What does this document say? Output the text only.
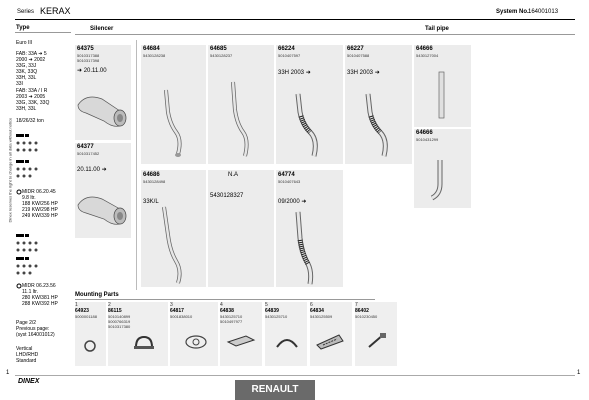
Dinex reserves the right to change in all data without notice
Series KERAX	System No.:
164001013
Type
Euro III
FAB: 33A ➜ 5
2000 ➜ 2002
33G, 33J
33K, 33Q
33H, 33L
33I
FAB: 33A / I R
2003 ➜ 2005
33G, 33K, 33Q
33H, 33L
18/26/32 ton
MIDR 06.20.45
9.8 ltr.
188 KW/256 HP
219 KW/298 HP
249 KW/339 HP
MIDR 06.23.56
11.1 ltr.
280 KW/381 HP
288 KW/392 HP
Page 2/2
Previous page:
(syst 164001012)
Vertical
LHD/RHD
Standard
Silencer	Tail pipe
64375
5010317388
5010317398
➜ 20.11.00
64377
5010317452
20.11.00 ➜
64684
5430128238
64685
5430128237
66224
5010407597
33H 2003 ➜
66227
5010407588
33H 2003 ➜
64666
5430127004
64686
5430128498
33K/L
N.A
5430128327
64774
5010407643
09/2000 ➜
64666
5010431299
Mounting Parts
1
64923
5000001188
2
86115
5010140899
5000766319
5010317380
3
64817
5001838010
4
64838
5430125710
5010497977
5
64839
5430125710
6
64834
5430125509
7
86402
5010230450
DINEX
RENAULT
1	1
